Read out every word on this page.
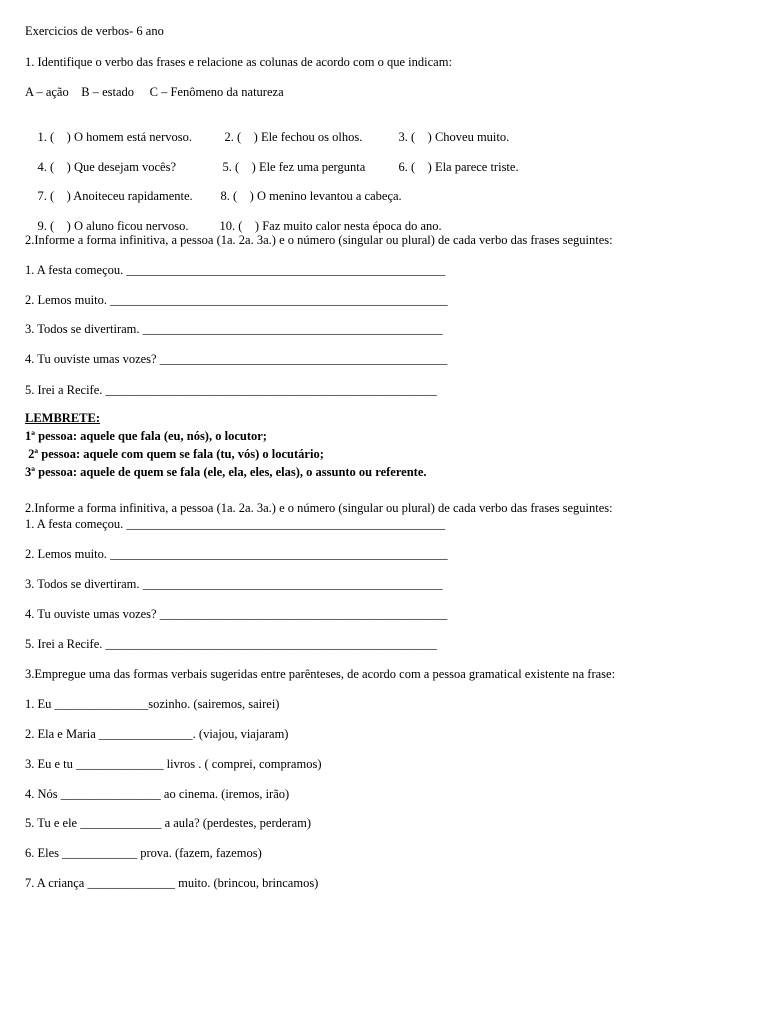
Exercicios de verbos- 6 ano
1. Identifique o verbo das frases e relacione as colunas de acordo com o que indicam:
A – ação    B – estado     C – Fenômeno da natureza

1. (    ) O homem está nervoso.	2. (    ) Ele fechou os olhos.	3. (    ) Choveu muito.

4. (    ) Que desejam vocês?	5. (    ) Ele fez uma pergunta	6. (    ) Ela parece triste.

7. (    ) Anoiteceu rapidamente. 8. (    ) O menino levantou a cabeça.

9. (    ) O aluno ficou nervoso. 10. (    ) Faz muito calor nesta época do ano.

2.Informe a forma infinitiva, a pessoa (1a. 2a. 3a.) e o número (singular ou plural) de cada verbo das frases seguintes:
1. A festa começou. ___________________________________________________
2. Lemos muito. ______________________________________________________
3. Todos se divertiram. ________________________________________________
4. Tu ouviste umas vozes? ______________________________________________
5. Irei a Recife. _____________________________________________________
LEMBRETE:
1ª pessoa: aquele que fala (eu, nós), o locutor;
2ª pessoa: aquele com quem se fala (tu, vós) o locutário;
3ª pessoa: aquele de quem se fala (ele, ela, eles, elas), o assunto ou referente.
2.Informe a forma infinitiva, a pessoa (1a. 2a. 3a.) e o número (singular ou plural) de cada verbo das frases seguintes:
1. A festa começou. ___________________________________________________
2. Lemos muito. ______________________________________________________
3. Todos se divertiram. ________________________________________________
4. Tu ouviste umas vozes? ______________________________________________
5. Irei a Recife. _____________________________________________________
3.Empregue uma das formas verbais sugeridas entre parênteses, de acordo com a pessoa gramatical existente na frase:
1. Eu _______________sozinho. (sairemos, sairei)
2. Ela e Maria _______________. (viajou, viajaram)
3. Eu e tu ______________ livros . ( comprei, compramos)
4. Nós ________________ ao cinema. (iremos, irão)
5. Tu e ele _____________ a aula? (perdestes, perderam)
6. Eles ____________ prova. (fazem, fazemos)
7. A criança ______________ muito. (brincou, brincamos)
